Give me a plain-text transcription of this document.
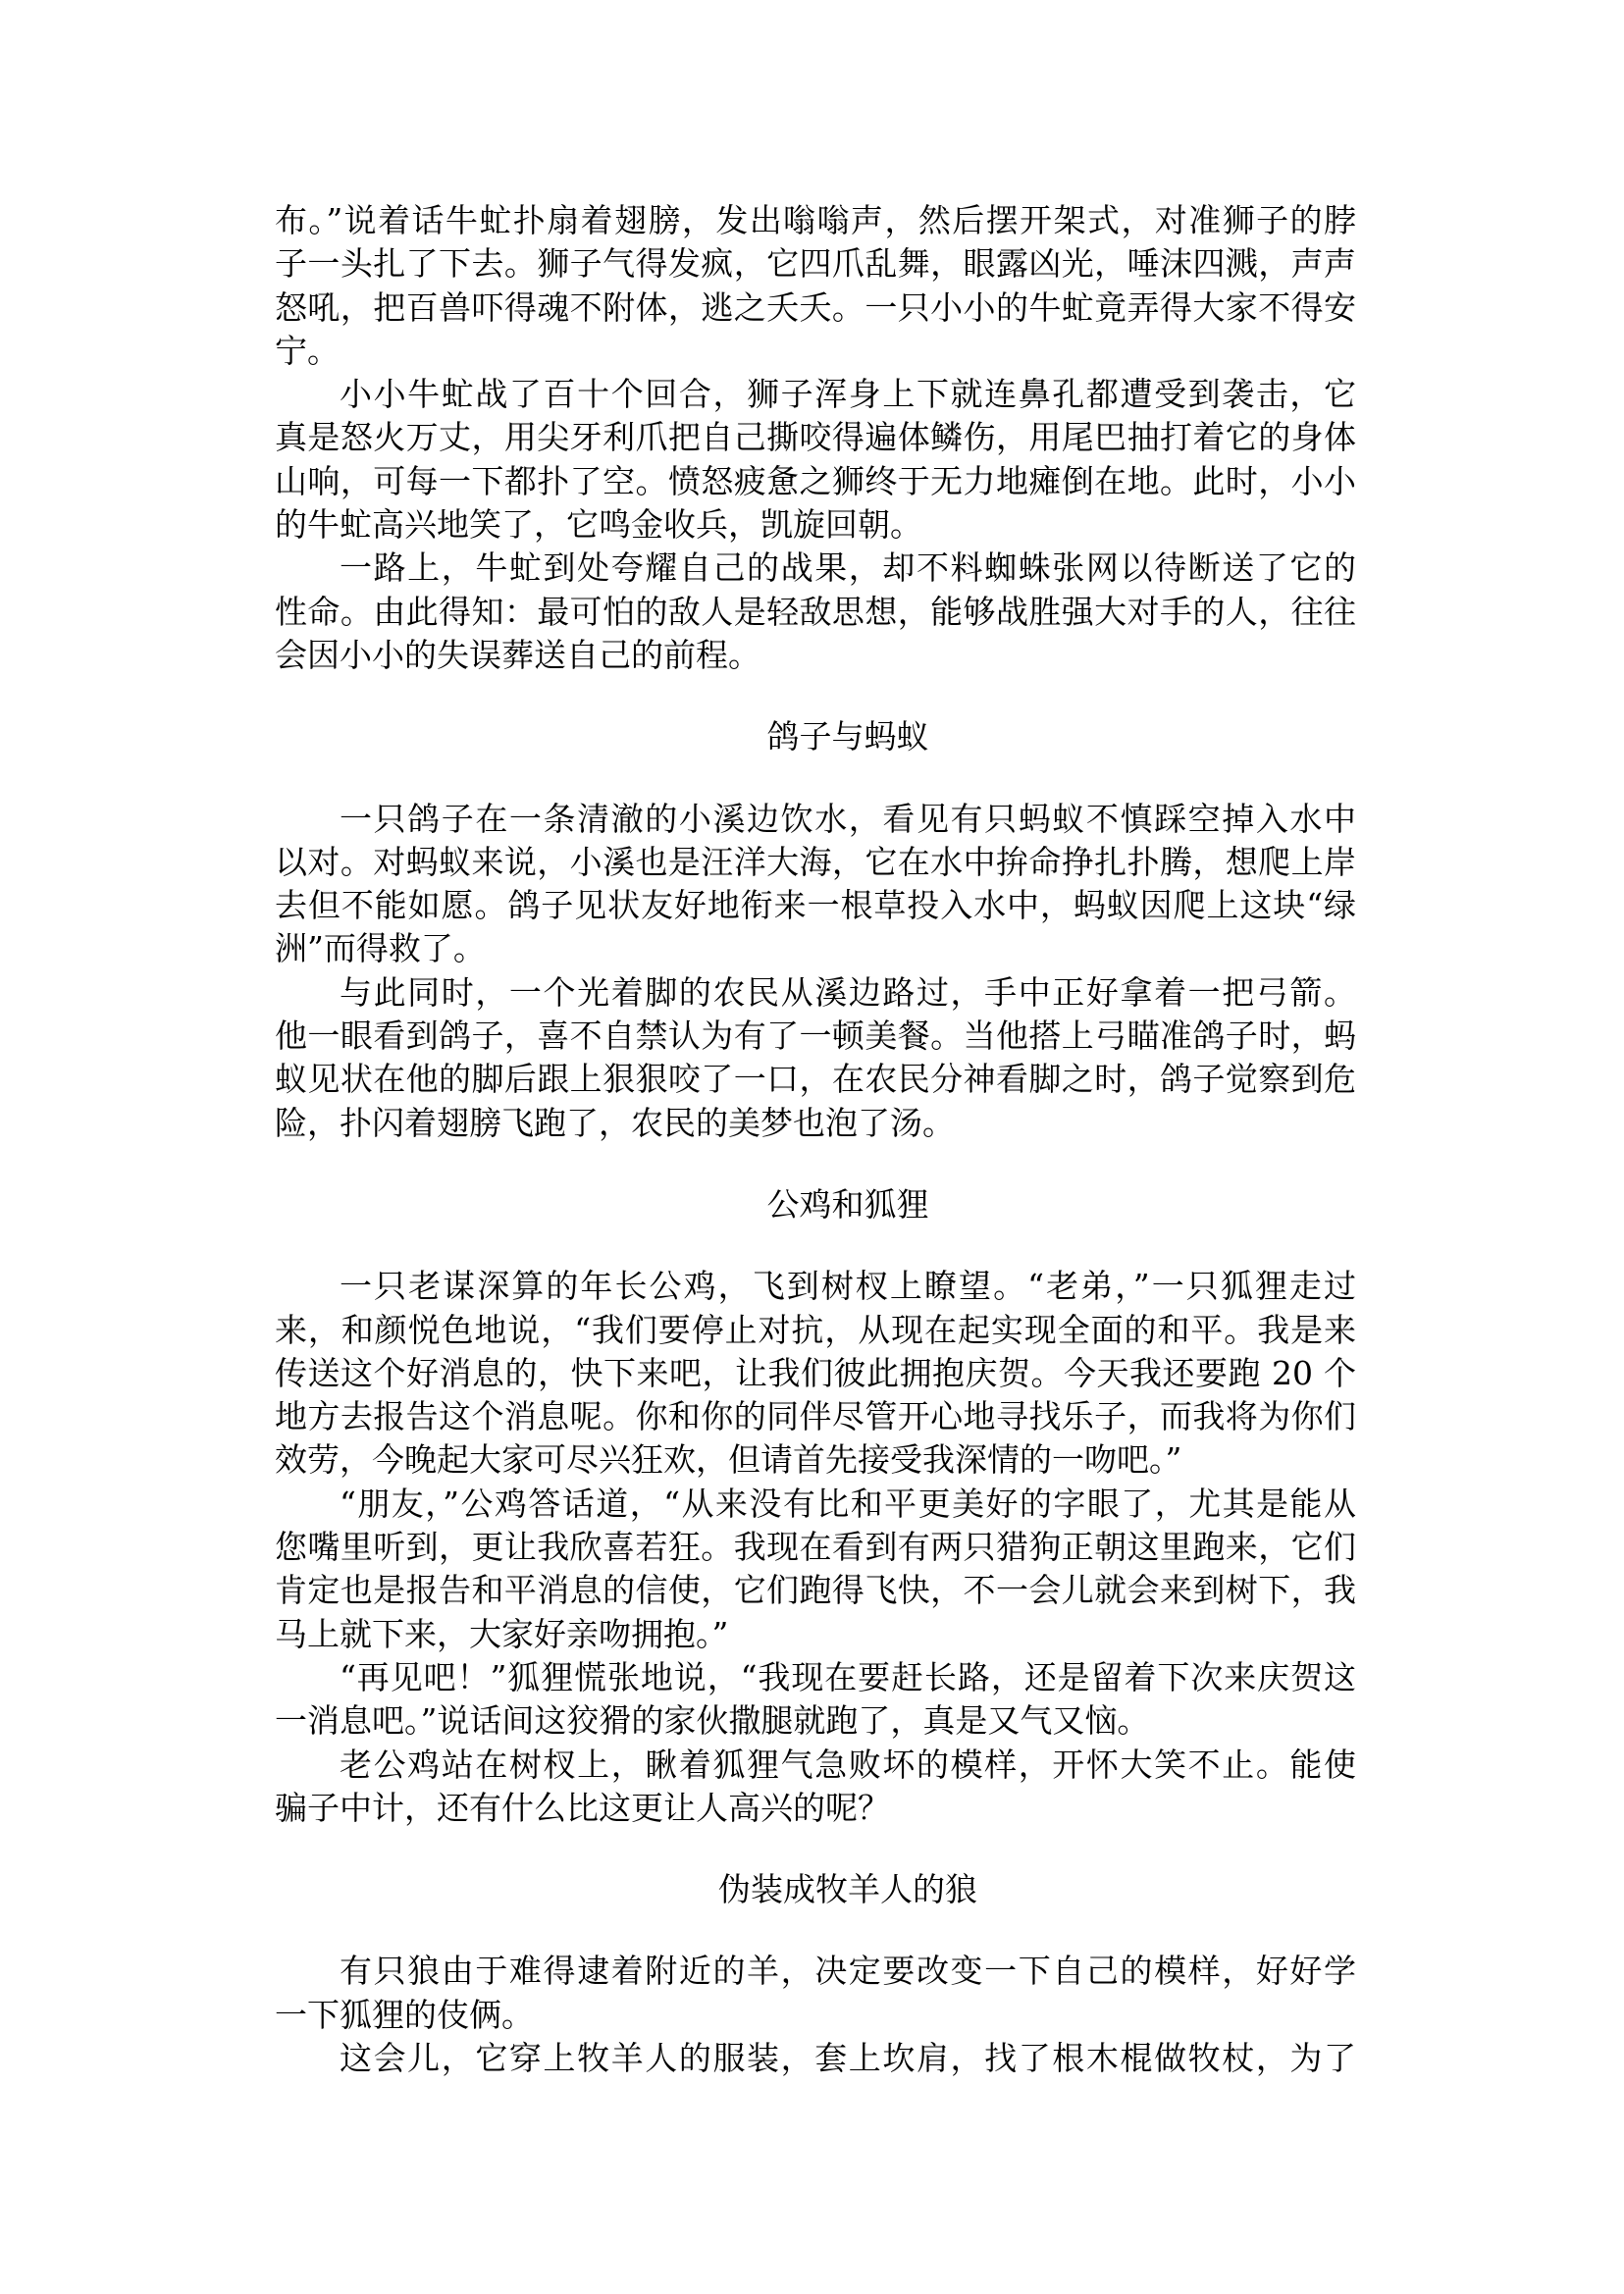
布。”说着话牛虻扑扇着翅膀，发出嗡嗡声，然后摆开架式，对准狮子的脖
子一头扎了下去。狮子气得发疯，它四爪乱舞，眼露凶光，唾沫四溅，声声
怒吼，把百兽吓得魂不附体，逃之夭夭。一只小小的牛虻竟弄得大家不得安
宁。
小小牛虻战了百十个回合，狮子浑身上下就连鼻孔都遭受到袭击，它
真是怒火万丈，用尖牙利爪把自己撕咬得遍体鳞伤，用尾巴抽打着它的身体
山响，可每一下都扑了空。愤怒疲惫之狮终于无力地瘫倒在地。此时，小小
的牛虻高兴地笑了，它鸣金收兵，凯旋回朝。
一路上，牛虻到处夸耀自己的战果，却不料蜘蛛张网以待断送了它的
性命。由此得知：最可怕的敌人是轻敌思想，能够战胜强大对手的人，往往
会因小小的失误葬送自己的前程。
鸽子与蚂蚁
一只鸽子在一条清澈的小溪边饮水，看见有只蚂蚁不慎踩空掉入水中
以对。对蚂蚁来说，小溪也是汪洋大海，它在水中拚命挣扎扑腾，想爬上岸
去但不能如愿。鸽子见状友好地衔来一根草投入水中，蚂蚁因爬上这块“绿
洲”而得救了。
与此同时，一个光着脚的农民从溪边路过，手中正好拿着一把弓箭。
他一眼看到鸽子，喜不自禁认为有了一顿美餐。当他搭上弓瞄准鸽子时，蚂
蚁见状在他的脚后跟上狠狠咬了一口，在农民分神看脚之时，鸽子觉察到危
险，扑闪着翅膀飞跑了，农民的美梦也泡了汤。
公鸡和狐狸
一只老谋深算的年长公鸡，飞到树杈上瞭望。“老弟，”一只狐狸走过
来，和颜悦色地说，“我们要停止对抗，从现在起实现全面的和平。我是来
传送这个好消息的，快下来吧，让我们彼此拥抱庆贺。今天我还要跑 20 个
地方去报告这个消息呢。你和你的同伴尽管开心地寻找乐子，而我将为你们
效劳，今晚起大家可尽兴狂欢，但请首先接受我深情的一吻吧。”
“朋友，”公鸡答话道，“从来没有比和平更美好的字眼了，尤其是能从
您嘴里听到，更让我欣喜若狂。我现在看到有两只猎狗正朝这里跑来，它们
肯定也是报告和平消息的信使，它们跑得飞快，不一会儿就会来到树下，我
马上就下来，大家好亲吻拥抱。”
“再见吧！”狐狸慌张地说，“我现在要赶长路，还是留着下次来庆贺这
一消息吧。”说话间这狡猾的家伙撒腿就跑了，真是又气又恼。
老公鸡站在树杈上，瞅着狐狸气急败坏的模样，开怀大笑不止。能使
骗子中计，还有什么比这更让人高兴的呢？
伪装成牧羊人的狼
有只狼由于难得逮着附近的羊，决定要改变一下自己的模样，好好学
一下狐狸的伎俩。
这会儿，它穿上牧羊人的服装，套上坎肩，找了根木棍做牧杖，为了
